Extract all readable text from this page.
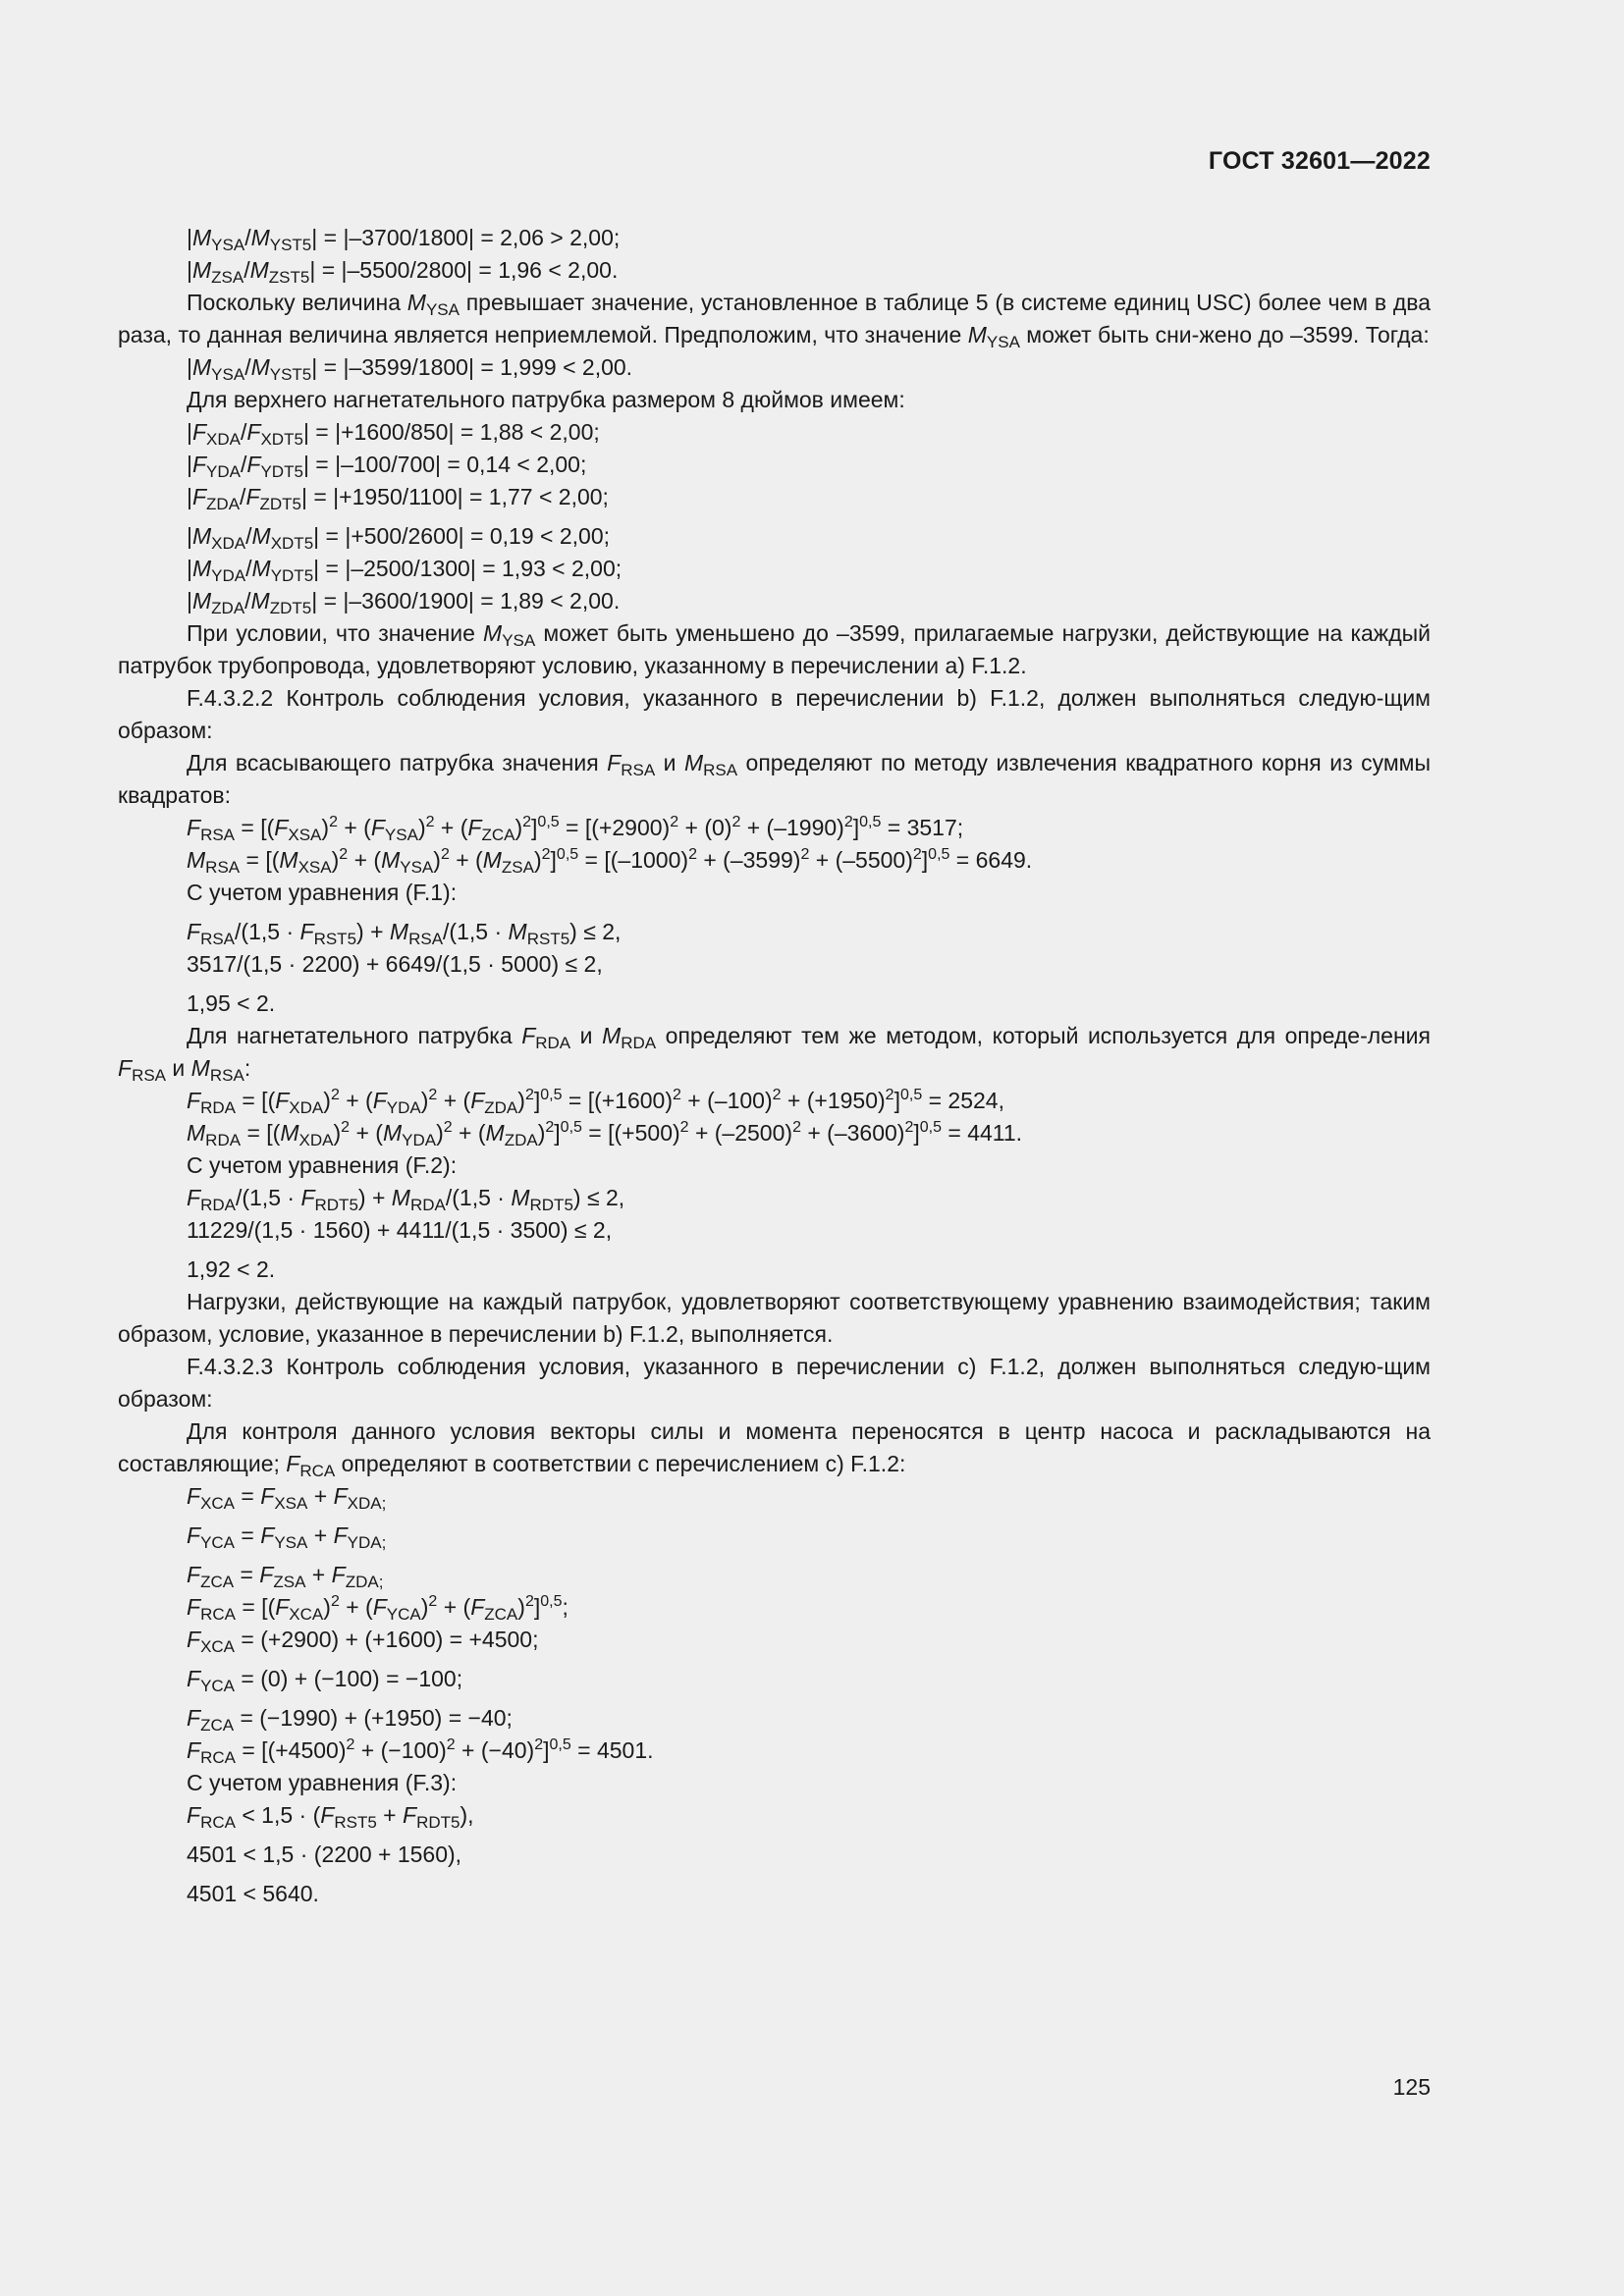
ГОСТ 32601—2022
$|M_{YSA}/M_{YST5}| = |-3700/1800| = 2,06 > 2,00$;
$|M_{ZSA}/M_{ZST5}| = |-5500/2800| = 1,96 < 2,00$.
Поскольку величина $M_{YSA}$ превышает значение, установленное в таблице 5 (в системе единиц USC) более чем в два раза, то данная величина является неприемлемой. Предположим, что значение $M_{YSA}$ может быть сни-жено до –3599. Тогда:
$|M_{YSA}/M_{YST5}| = |-3599/1800| = 1,999 < 2,00$.
Для верхнего нагнетательного патрубка размером 8 дюймов имеем:
$|F_{XDA}/F_{XDT5}| = |+1600/850| = 1,88 < 2,00$;
$|F_{YDA}/F_{YDT5}| = |-100/700| = 0,14 < 2,00$;
$|F_{ZDA}/F_{ZDT5}| = |+1950/1100| = 1,77 < 2,00$;
$|M_{XDA}/M_{XDT5}| = |+500/2600| = 0,19 < 2,00$;
$|M_{YDA}/M_{YDT5}| = |-2500/1300| = 1,93 < 2,00$;
$|M_{ZDA}/M_{ZDT5}| = |-3600/1900| = 1,89 < 2,00$.
При условии, что значение $M_{YSA}$ может быть уменьшено до –3599, прилагаемые нагрузки, действующие на каждый патрубок трубопровода, удовлетворяют условию, указанному в перечислении а) F.1.2.
F.4.3.2.2 Контроль соблюдения условия, указанного в перечислении b) F.1.2, должен выполняться следую-щим образом:
Для всасывающего патрубка значения $F_{RSA}$ и $M_{RSA}$ определяют по методу извлечения квадратного корня из суммы квадратов:
$F_{RSA} = [(F_{XSA})^2 + (F_{YSA})^2 + (F_{ZCA})^2]^{0,5} = [(+2900)^2 + (0)^2 + (-1990)^2]^{0,5} = 3517$;
$M_{RSA} = [(M_{XSA})^2 + (M_{YSA})^2 + (M_{ZSA})^2]^{0,5} = [(-1000)^2 + (-3599)^2 + (-5500)^2]^{0,5} = 6649$.
С учетом уравнения (F.1):
$F_{RSA}/(1,5 \cdot F_{RST5}) + M_{RSA}/(1,5 \cdot M_{RST5}) \le 2$,
3517/(1,5 · 2200) + 6649/(1,5 · 5000) ≤ 2,
1,95 < 2.
Для нагнетательного патрубка $F_{RDA}$ и $M_{RDA}$ определяют тем же методом, который используется для опреде-ления $F_{RSA}$ и $M_{RSA}$:
$F_{RDA} = [(F_{XDA})^2 + (F_{YDA})^2 + (F_{ZDA})^2]^{0,5} = [(+1600)^2 + (-100)^2 + (+1950)^2]^{0,5} = 2524$,
$M_{RDA} = [(M_{XDA})^2 + (M_{YDA})^2 + (M_{ZDA})^2]^{0,5} = [(+500)^2 + (-2500)^2 + (-3600)^2]^{0,5} = 4411$.
С учетом уравнения (F.2):
$F_{RDA}/(1,5 \cdot F_{RDT5}) + M_{RDA}/(1,5 \cdot M_{RDT5}) \le 2$,
11229/(1,5 · 1560) + 4411/(1,5 · 3500) ≤ 2,
1,92 < 2.
Нагрузки, действующие на каждый патрубок, удовлетворяют соответствующему уравнению взаимодействия; таким образом, условие, указанное в перечислении b) F.1.2, выполняется.
F.4.3.2.3 Контроль соблюдения условия, указанного в перечислении c) F.1.2, должен выполняться следую-щим образом:
Для контроля данного условия векторы силы и момента переносятся в центр насоса и раскладываются на составляющие; $F_{RCA}$ определяют в соответствии с перечислением c) F.1.2:
$F_{XCA} = F_{XSA} + F_{XDA;}$
$F_{YCA} = F_{YSA} + F_{YDA;}$
$F_{ZCA} = F_{ZSA} + F_{ZDA;}$
$F_{RCA} = [(F_{XCA})^2 + (F_{YCA})^2 + (F_{ZCA})^2]^{0,5}$;
$F_{XCA} = (+2900) + (+1600) = +4500$;
$F_{YCA} = (0) + (-100) = -100$;
$F_{ZCA} = (-1990) + (+1950) = -40$;
$F_{RCA} = [(+4500)^2 + (-100)^2 + (-40)^2]^{0,5} = 4501$.
С учетом уравнения (F.3):
$F_{RCA} < 1,5 \cdot (F_{RST5} + F_{RDT5})$,
4501 < 1,5 · (2200 + 1560),
4501 < 5640.
125
